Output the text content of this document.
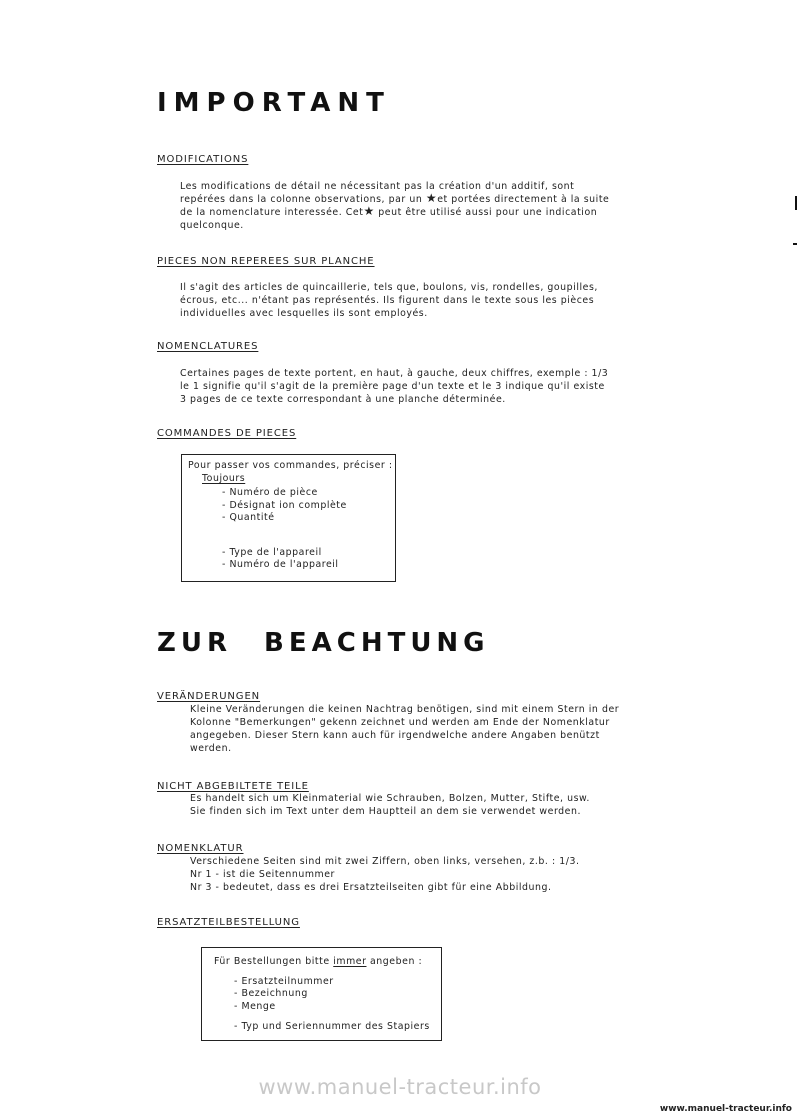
IMPORTANT

MODIFICATIONS

Les modifications de détail ne nécessitant pas la création d'un additif, sont
repérées dans la colonne observations, par un ★et portées directement à la suite
de la nomenclature interessée. Cet★ peut être utilisé aussi pour une indication
quelconque.

PIECES NON REPEREES SUR PLANCHE

Il s'agit des articles de quincaillerie, tels que, boulons, vis, rondelles, goupilles,
écrous, etc... n'étant pas représentés. Ils figurent dans le texte sous les pièces
individuelles avec lesquelles ils sont employés.

NOMENCLATURES

Certaines pages de texte portent, en haut, à gauche, deux chiffres, exemple : 1/3
le 1 signifie qu'il s'agit de la première page d'un texte et le 3 indique qu'il existe
3 pages de ce texte correspondant à une planche déterminée.

COMMANDES DE PIECES

Pour passer vos commandes, préciser :
Toujours
- Numéro de pièce
- Désignat ion complète
- Quantité
- Type de l'appareil
- Numéro de l'appareil
ZUR BEACHTUNG

VERÄNDERUNGEN

Kleine Veränderungen die keinen Nachtrag benötigen, sind mit einem Stern in der
Kolonne "Bemerkungen" gekenn zeichnet und werden am Ende der Nomenklatur
angegeben. Dieser Stern kann auch für irgendwelche andere Angaben benützt
werden.

NICHT ABGEBILTETE TEILE

Es handelt sich um Kleinmaterial wie Schrauben, Bolzen, Mutter, Stifte, usw.
Sie finden sich im Text unter dem Hauptteil an dem sie verwendet werden.

NOMENKLATUR

Verschiedene Seiten sind mit zwei Ziffern, oben links, versehen, z.b. : 1/3.
Nr 1 - ist die Seitennummer
Nr 3 - bedeutet, dass es drei Ersatzteilseiten gibt für eine Abbildung.

ERSATZTEILBESTELLUNG

Für Bestellungen bitte immer angeben :
- Ersatzteilnummer
- Bezeichnung
- Menge
- Typ und Seriennummer des Stapiers

www.manuel-tracteur.info

www.manuel-tracteur.info
